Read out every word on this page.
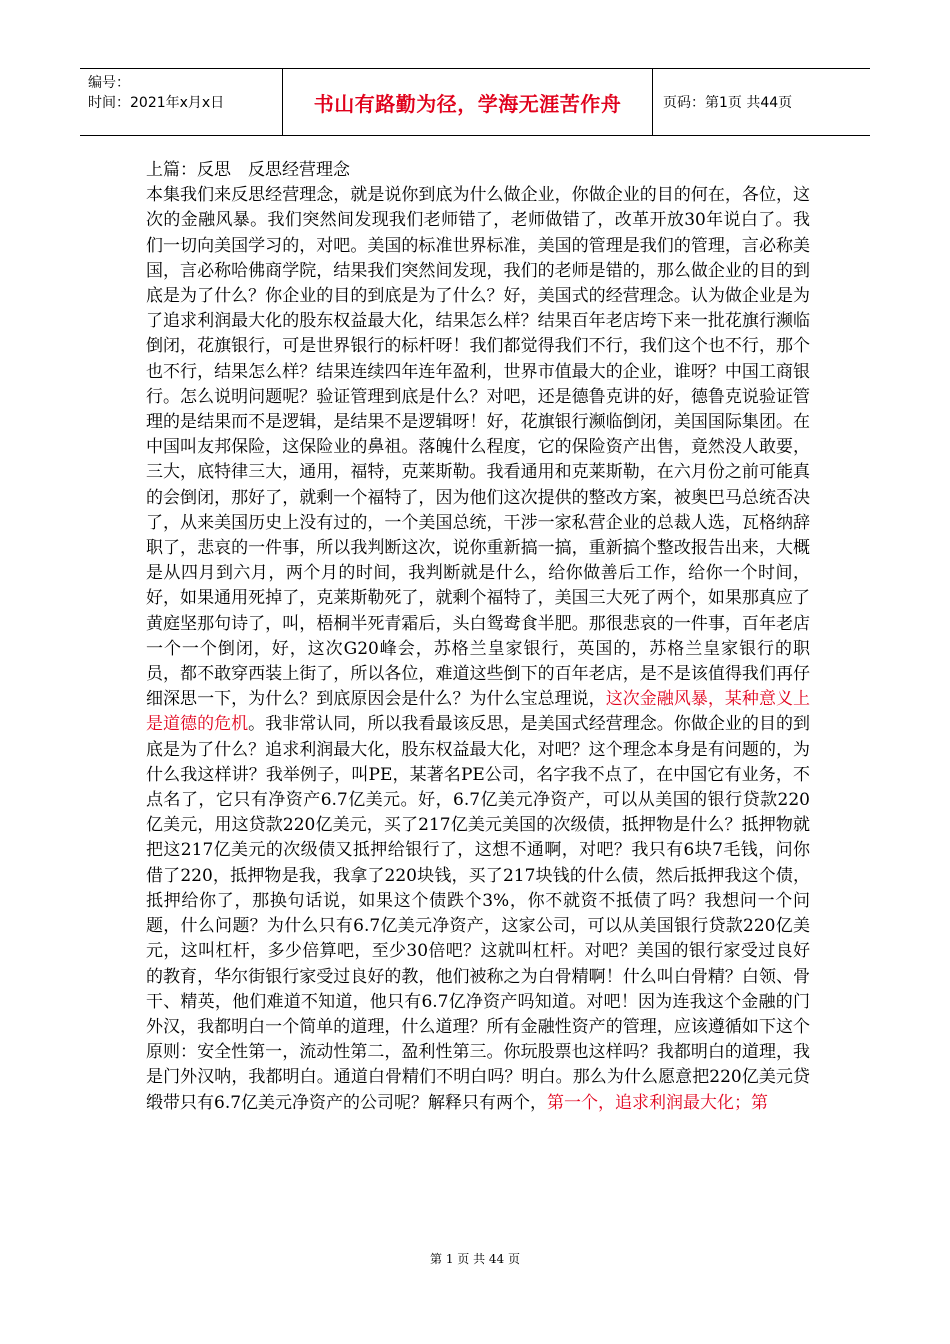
编号：
时间：2021年x月x日	书山有路勤为径，学海无涯苦作舟	页码：第1页 共44页

上篇：反思　反思经营理念

本集我们来反思经营理念，就是说你到底为什么做企业，你做企业的目的何在，各位，这次的金融风暴。我们突然间发现我们老师错了，老师做错了，改革开放30年说白了。我们一切向美国学习的，对吧。美国的标准世界标准，美国的管理是我们的管理，言必称美国，言必称哈佛商学院，结果我们突然间发现，我们的老师是错的，那么做企业的目的到底是为了什么？你企业的目的到底是为了什么？好，美国式的经营理念。认为做企业是为了追求利润最大化的股东权益最大化，结果怎么样？结果百年老店垮下来一批花旗行濒临倒闭，花旗银行，可是世界银行的标杆呀！我们都觉得我们不行，我们这个也不行，那个也不行，结果怎么样？结果连续四年连年盈利，世界市值最大的企业，谁呀？中国工商银行。怎么说明问题呢？验证管理到底是什么？对吧，还是德鲁克讲的好，德鲁克说验证管理的是结果而不是逻辑，是结果不是逻辑呀！好，花旗银行濒临倒闭，美国国际集团。在中国叫友邦保险，这保险业的鼻祖。落魄什么程度，它的保险资产出售，竟然没人敢要，三大，底特律三大，通用，福特，克莱斯勒。我看通用和克莱斯勒，在六月份之前可能真的会倒闭，那好了，就剩一个福特了，因为他们这次提供的整改方案，被奥巴马总统否决了，从来美国历史上没有过的，一个美国总统，干涉一家私营企业的总裁人选，瓦格纳辞职了，悲哀的一件事，所以我判断这次，说你重新搞一搞，重新搞个整改报告出来，大概是从四月到六月，两个月的时间，我判断就是什么，给你做善后工作，给你一个时间，好，如果通用死掉了，克莱斯勒死了，就剩个福特了，美国三大死了两个，如果那真应了黄庭坚那句诗了，叫，梧桐半死青霜后，头白鸳鸯食半肥。那很悲哀的一件事，百年老店一个一个倒闭，好，这次G20峰会，苏格兰皇家银行，英国的，苏格兰皇家银行的职员，都不敢穿西装上街了，所以各位，难道这些倒下的百年老店，是不是该值得我们再仔细深思一下，为什么？到底原因会是什么？为什么宝总理说，这次金融风暴，某种意义上是道德的危机。我非常认同，所以我看最该反思，是美国式经营理念。你做企业的目的到底是为了什么？追求利润最大化，股东权益最大化，对吧？这个理念本身是有问题的，为什么我这样讲？我举例子，叫PE，某著名PE公司，名字我不点了，在中国它有业务，不点名了，它只有净资产6.7亿美元。好，6.7亿美元净资产，可以从美国的银行贷款220亿美元，用这贷款220亿美元，买了217亿美元美国的次级债，抵押物是什么？抵押物就把这217亿美元的次级债又抵押给银行了，这想不通啊，对吧？我只有6块7毛钱，问你借了220，抵押物是我，我拿了220块钱，买了217块钱的什么债，然后抵押我这个债，抵押给你了，那换句话说，如果这个债跌个3%，你不就资不抵债了吗？我想问一个问题，什么问题？为什么只有6.7亿美元净资产，这家公司，可以从美国银行贷款220亿美元，这叫杠杆，多少倍算吧，至少30倍吧？这就叫杠杆。对吧？美国的银行家受过良好的教育，华尔街银行家受过良好的教，他们被称之为白骨精啊！什么叫白骨精？白领、骨干、精英，他们难道不知道，他只有6.7亿净资产吗知道。对吧！因为连我这个金融的门外汉，我都明白一个简单的道理，什么道理？所有金融性资产的管理，应该遵循如下这个原则：安全性第一，流动性第二，盈利性第三。你玩股票也这样吗？我都明白的道理，我是门外汉呐，我都明白。通道白骨精们不明白吗？明白。那么为什么愿意把220亿美元贷缎带只有6.7亿美元净资产的公司呢？解释只有两个，第一个，追求利润最大化；第

第 1 页 共 44 页
